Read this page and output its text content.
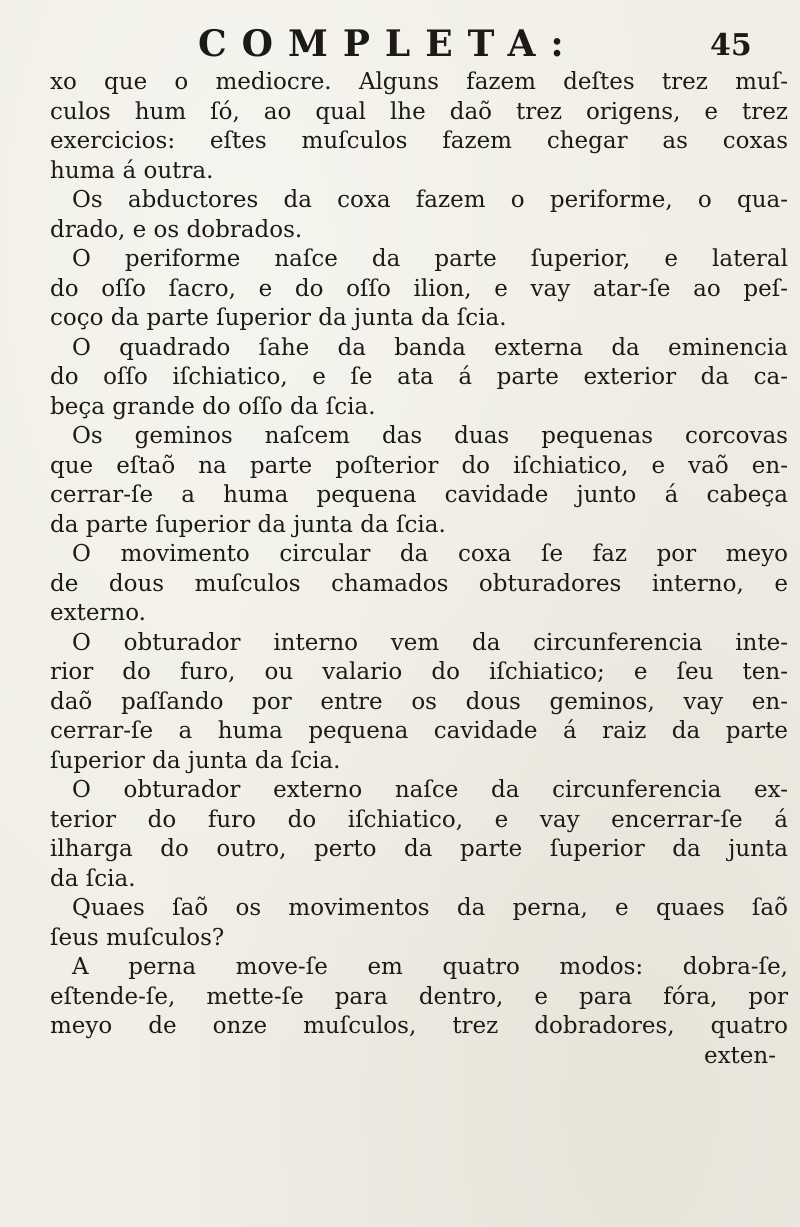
COMPLETA:	45
xo que o mediocre. Alguns fazem deſtes trez muſ-
culos hum ſó, ao qual lhe daõ trez origens, e trez
exercicios: eſtes muſculos fazem chegar as coxas
huma á outra.
Os abductores da coxa fazem o periforme, o qua-
drado, e os dobrados.
O periforme naſce da parte ſuperior, e lateral
do oſſo ſacro, e do oſſo ilion, e vay atar-ſe ao peſ-
coço da parte ſuperior da junta da ſcia.
O quadrado ſahe da banda externa da eminencia
do oſſo iſchiatico, e ſe ata á parte exterior da ca-
beça grande do oſſo da ſcia.
Os geminos naſcem das duas pequenas corcovas
que eſtaõ na parte poſterior do iſchiatico, e vaõ en-
cerrar-ſe a huma pequena cavidade junto á cabeça
da parte ſuperior da junta da ſcia.
O movimento circular da coxa ſe faz por meyo
de dous muſculos chamados obturadores interno, e
externo.
O obturador interno vem da circunferencia inte-
rior do furo, ou valario do iſchiatico; e ſeu ten-
daõ paſſando por entre os dous geminos, vay en-
cerrar-ſe a huma pequena cavidade á raiz da parte
ſuperior da junta da ſcia.
O obturador externo naſce da circunferencia ex-
terior do furo do iſchiatico, e vay encerrar-ſe á
ilharga do outro, perto da parte ſuperior da junta
da ſcia.
Quaes ſaõ os movimentos da perna, e quaes ſaõ
ſeus muſculos?
A perna move-ſe em quatro modos: dobra-ſe,
eſtende-ſe, mette-ſe para dentro, e para fóra, por
meyo de onze muſculos, trez dobradores, quatro
exten-
